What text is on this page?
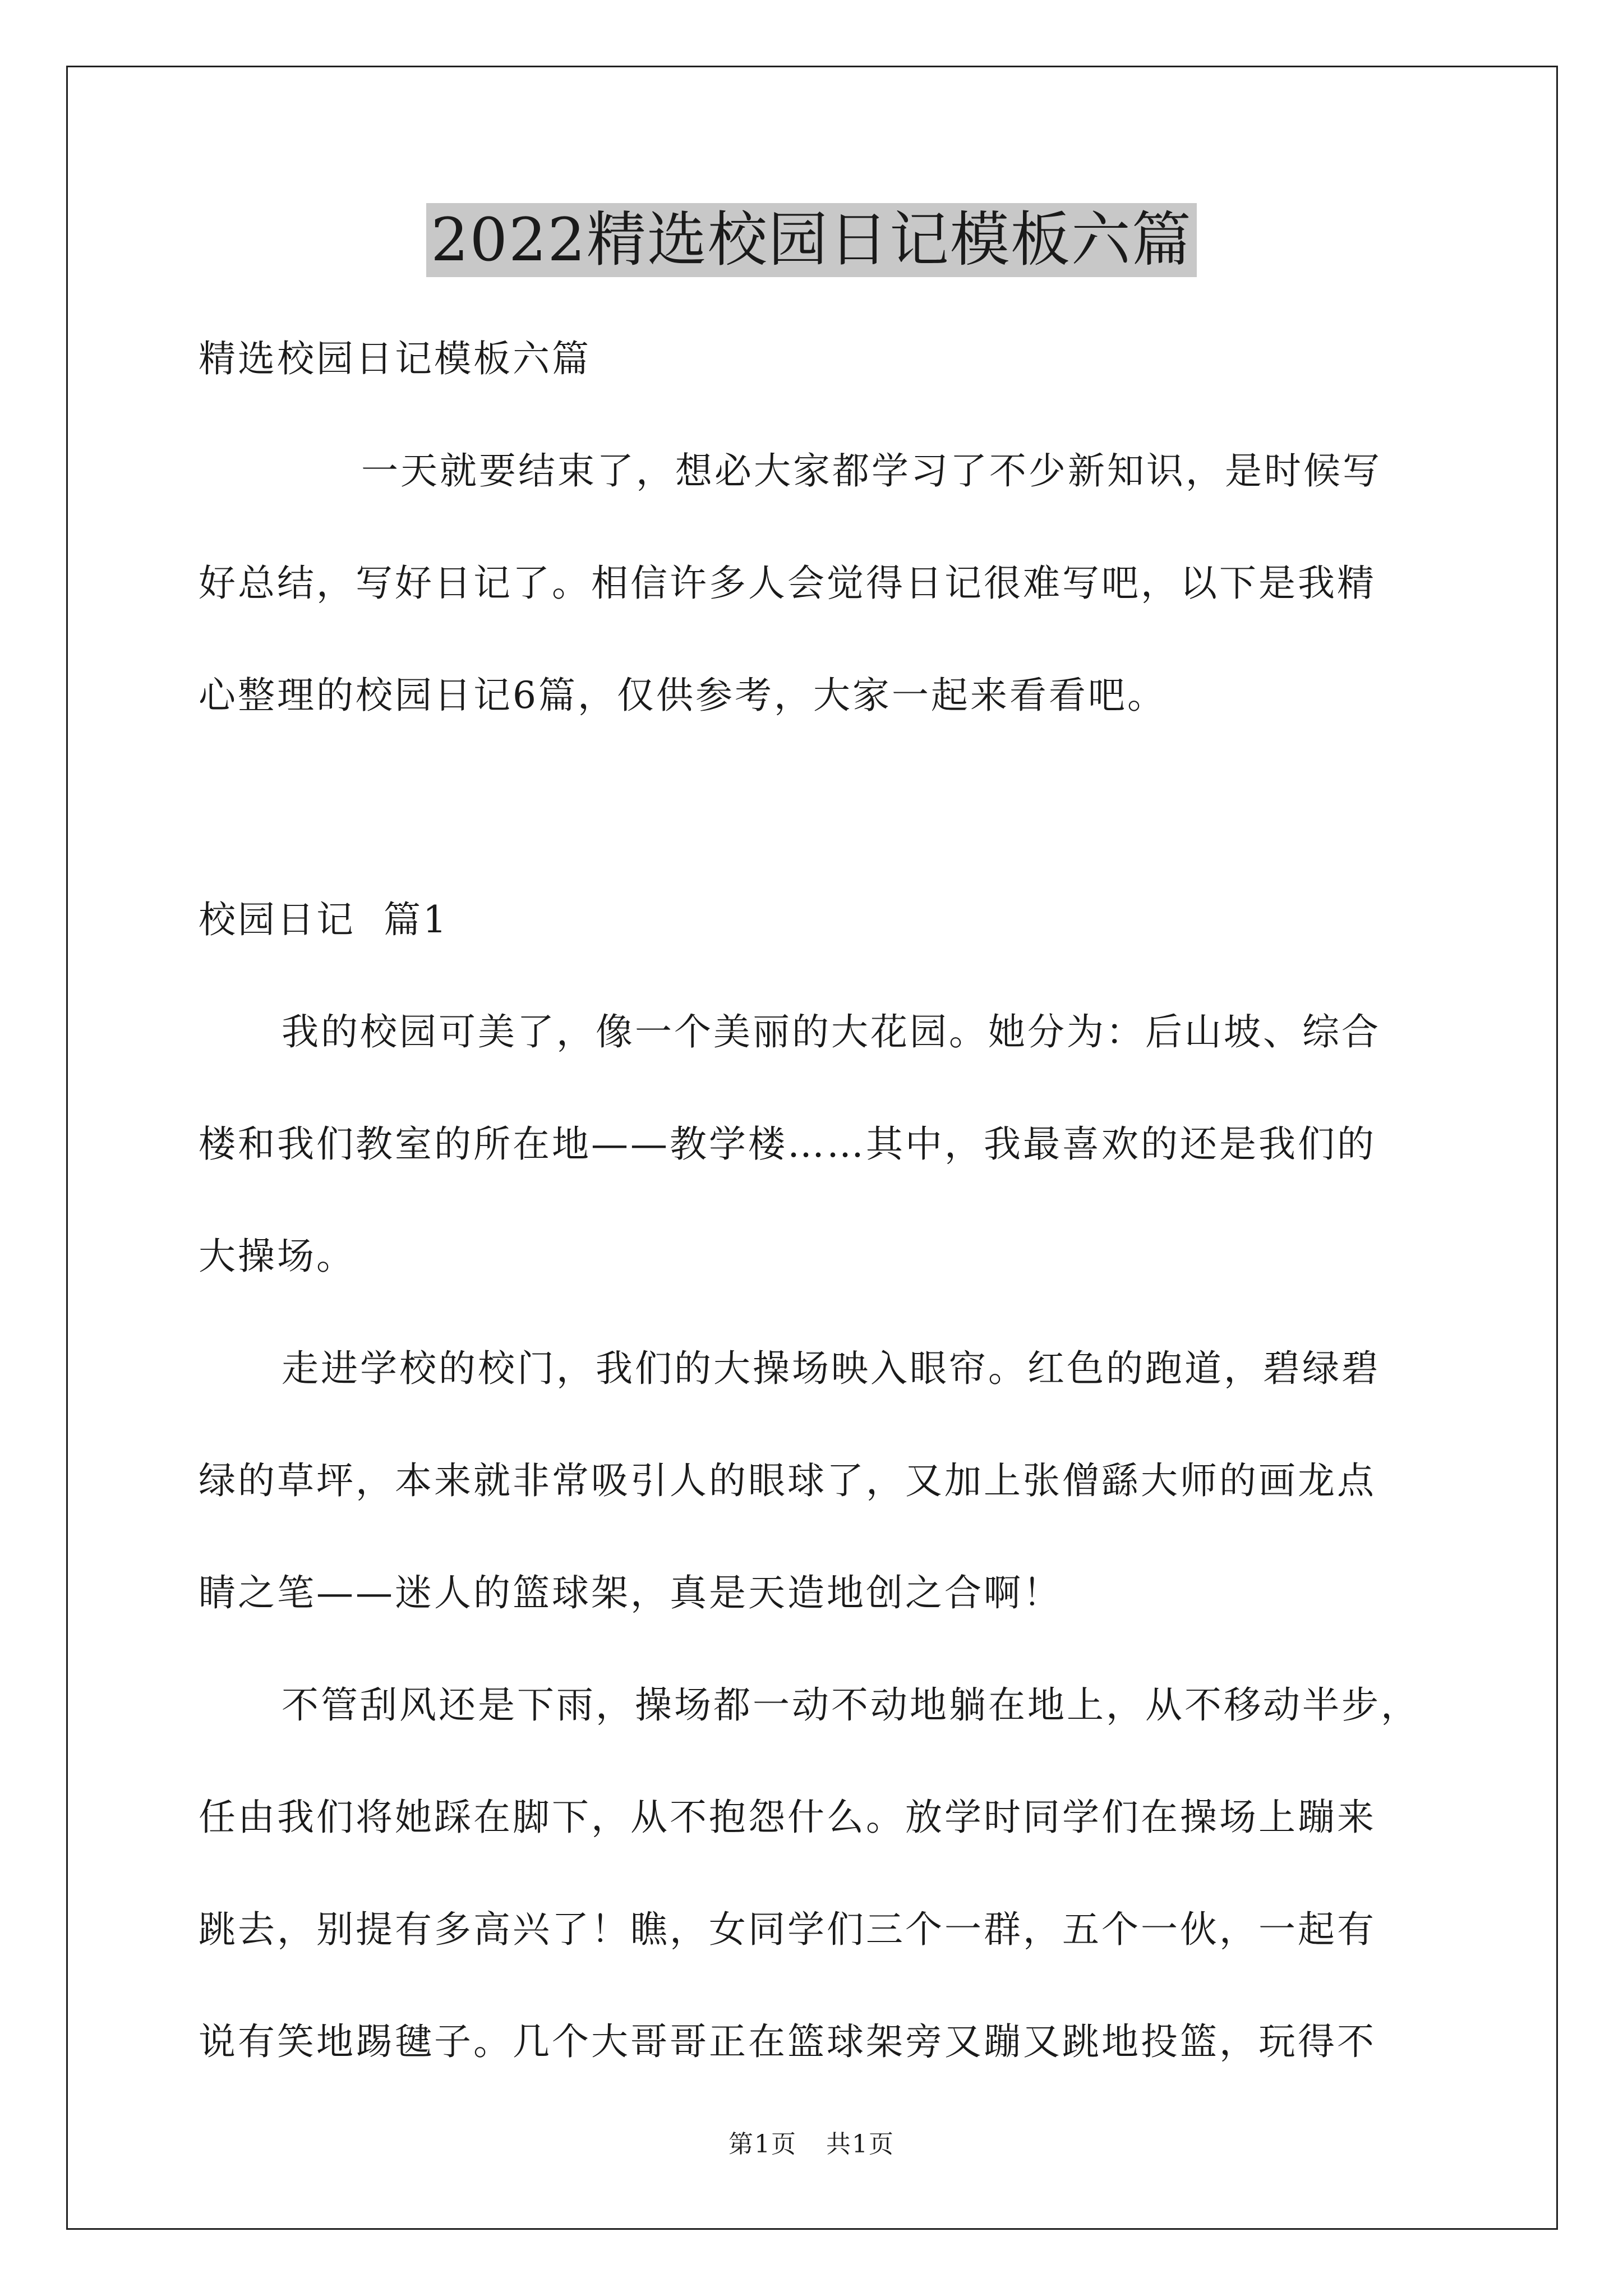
2022精选校园日记模板六篇
精选校园日记模板六篇
一天就要结束了，想必大家都学习了不少新知识，是时候写
好总结，写好日记了。相信许多人会觉得日记很难写吧，以下是我精
心整理的校园日记6篇，仅供参考，大家一起来看看吧。
校园日记  篇1
我的校园可美了，像一个美丽的大花园。她分为：后山坡、综合
楼和我们教室的所在地——教学楼……其中，我最喜欢的还是我们的
大操场。
走进学校的校门，我们的大操场映入眼帘。红色的跑道，碧绿碧
绿的草坪，本来就非常吸引人的眼球了，又加上张僧繇大师的画龙点
睛之笔——迷人的篮球架，真是天造地创之合啊！
不管刮风还是下雨，操场都一动不动地躺在地上，从不移动半步，
任由我们将她踩在脚下，从不抱怨什么。放学时同学们在操场上蹦来
跳去，别提有多高兴了！瞧，女同学们三个一群，五个一伙，一起有
说有笑地踢毽子。几个大哥哥正在篮球架旁又蹦又跳地投篮，玩得不
第1页 共1页
